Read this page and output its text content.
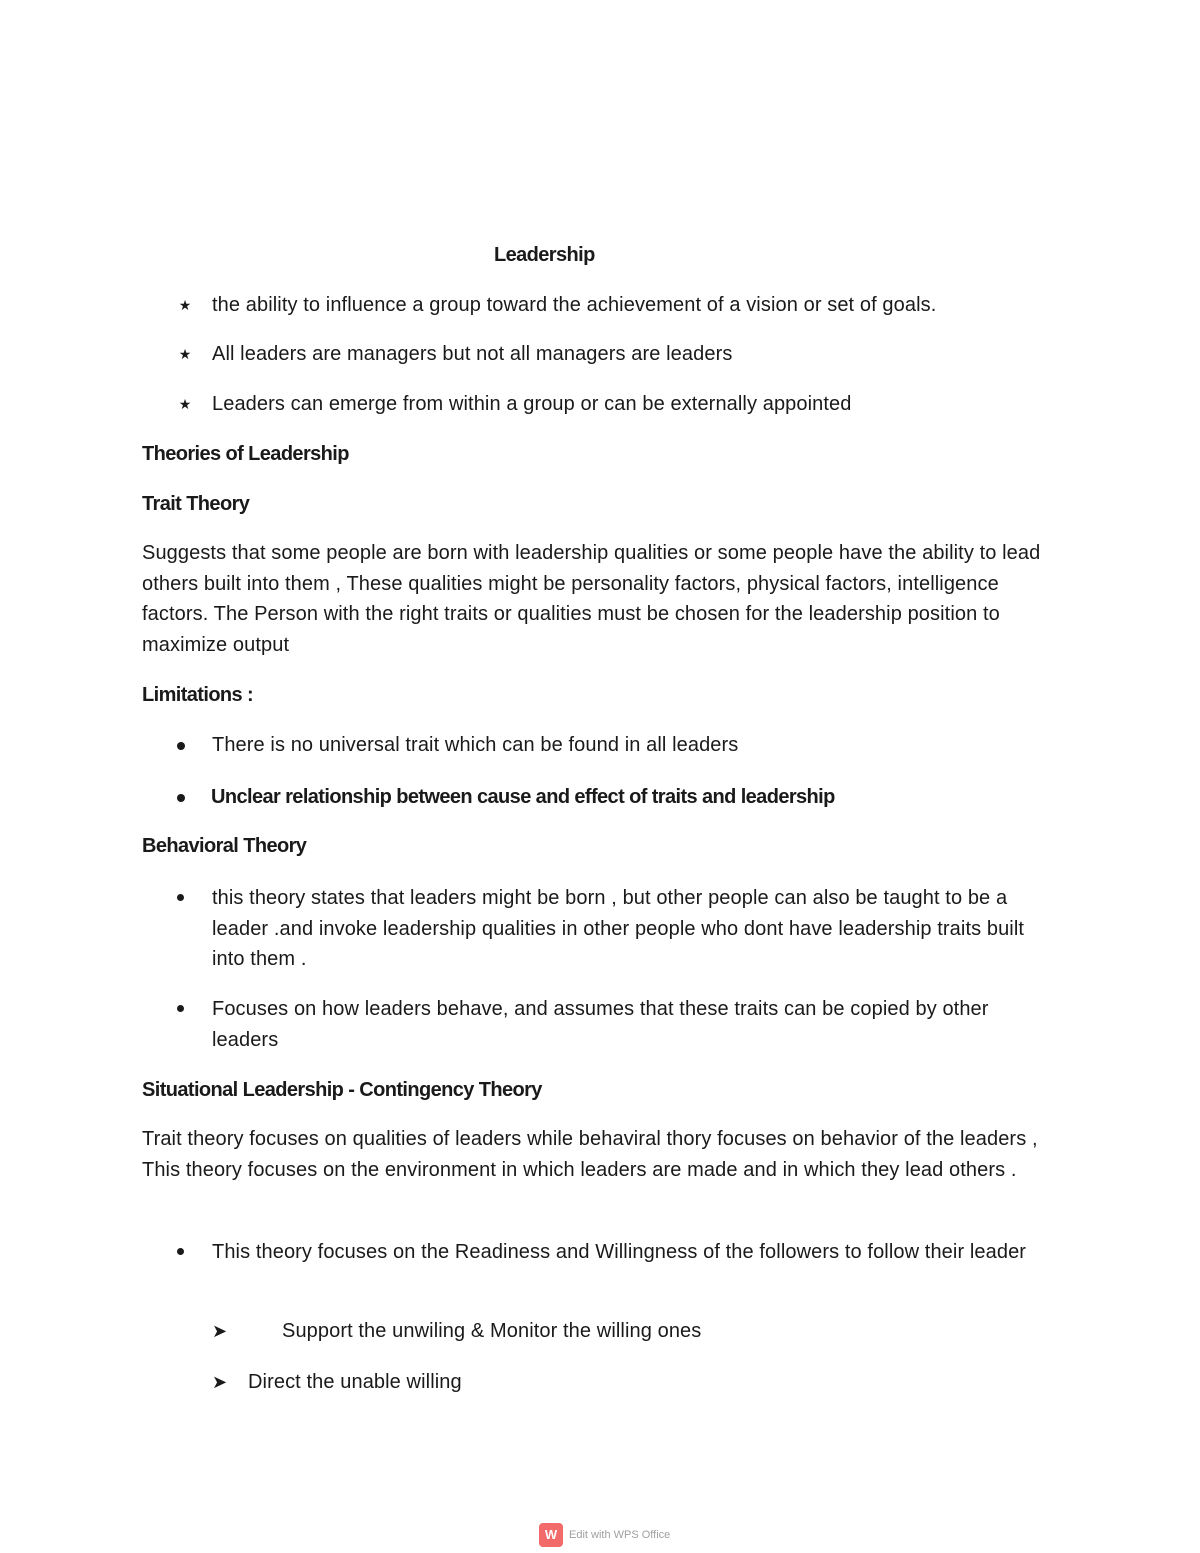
Leadership

★ the ability to influence a group toward the achievement of a vision or set of goals.

★ All leaders are managers but not all managers are leaders

★ Leaders can emerge from within a group or can be externally appointed

Theories of Leadership

Trait Theory

Suggests that some people are born with leadership qualities or some people have the ability to lead others built into them , These qualities might be personality factors, physical factors, intelligence factors. The Person with the right traits or qualities must be chosen for the leadership position to maximize output

Limitations :

There is no universal trait which can be found in all leaders

Unclear relationship between cause and effect of traits and leadership

Behavioral Theory

this theory states that leaders might be born , but other people can also be taught to be a leader .and invoke leadership qualities in other people who dont have leadership traits built into them .

Focuses on how leaders behave, and assumes that these traits can be copied by other leaders

Situational Leadership - Contingency Theory

Trait theory focuses on qualities of leaders while behaviral thory focuses on behavior of the leaders , This theory focuses on the environment in which leaders are made and in which they lead others .

This theory focuses on the Readiness and Willingness of the followers to follow their leader

➤	Support the unwiling & Monitor the willing ones

➤ Direct the unable willing

W	Edit with WPS Office
